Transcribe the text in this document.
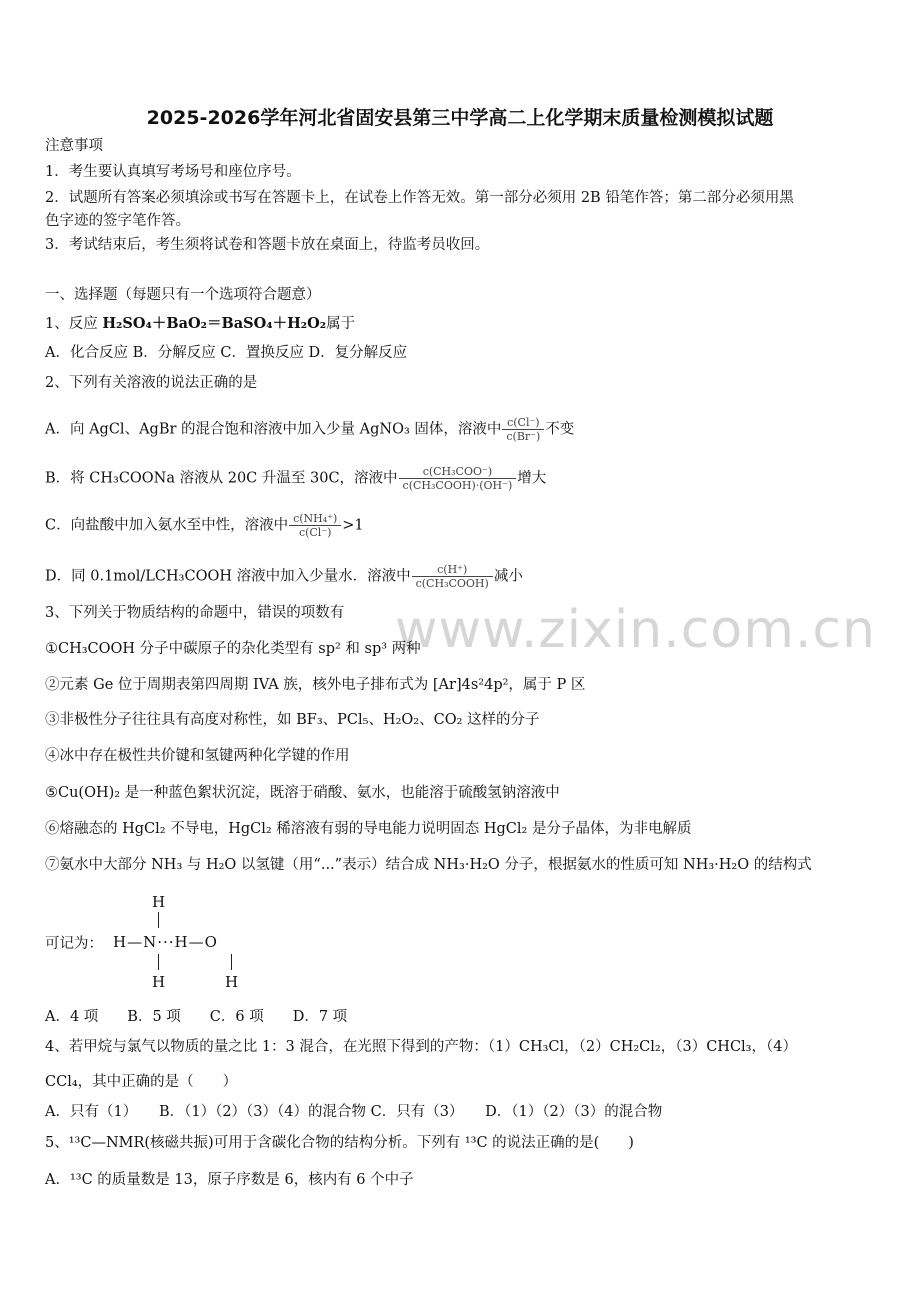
2025-2026学年河北省固安县第三中学高二上化学期末质量检测模拟试题
注意事项
1．考生要认真填写考场号和座位序号。
2．试题所有答案必须填涂或书写在答题卡上，在试卷上作答无效。第一部分必须用 2B 铅笔作答；第二部分必须用黑
色字迹的签字笔作答。
3．考试结束后，考生须将试卷和答题卡放在桌面上，待监考员收回。
一、选择题（每题只有一个选项符合题意）
1、反应 H₂SO₄＋BaO₂＝BaSO₄＋H₂O₂属于
A．化合反应 B．分解反应 C．置换反应 D．复分解反应
2、下列有关溶液的说法正确的是
A．向 AgCl、AgBr 的混合饱和溶液中加入少量 AgNO₃ 固体，溶液中 $\frac{c(Cl^-)}{c(Br^-)}$ 不变
B．将 CH₃COONa 溶液从 20C 升温至 30C，溶液中 $\frac{\text{c(CH₃COO⁻)}}{\text{c(CH₃COOH)·(OH⁻)}}$ 增大
C．向盐酸中加入氨水至中性，溶液中 $\frac{\text{c(NH₄⁺)}}{c(Cl^-)} >1$
D．同 0.1mol/LCH₃COOH 溶液中加入少量水．溶液中 $\frac{c(H^+)}{\text{c(CH₃COOH)}}$ 减小
www.zixin.com.cn
3、下列关于物质结构的命题中，错误的项数有
①CH₃COOH 分子中碳原子的杂化类型有 sp² 和 sp³ 两种
②元素 Ge 位于周期表第四周期 IVA 族，核外电子排布式为 [Ar]4s²4p²，属于 P 区
③非极性分子往往具有高度对称性，如 BF₃、PCl₅、H₂O₂、CO₂ 这样的分子
④冰中存在极性共价键和氢键两种化学键的作用
⑤Cu(OH)₂ 是一种蓝色絮状沉淀，既溶于硝酸、氨水，也能溶于硫酸氢钠溶液中
⑥熔融态的 HgCl₂ 不导电，HgCl₂ 稀溶液有弱的导电能力说明固态 HgCl₂ 是分子晶体，为非电解质
⑦氨水中大部分 NH₃ 与 H₂O 以氢键（用“...”表示）结合成 NH₃·H₂O 分子，根据氨水的性质可知 NH₃·H₂O 的结构式
可记为：
H
H—N···H—O
H	H
A．4 项　　B．5 项　　C．6 项　　D．7 项
4、若甲烷与氯气以物质的量之比 1：3 混合，在光照下得到的产物：（1）CH₃Cl，（2）CH₂Cl₂，（3）CHCl₃，（4）
CCl₄，其中正确的是（　　）
A．只有（1）　　B．（1）（2）（3）（4）的混合物 C．只有（3）　　D．（1）（2）（3）的混合物
5、¹³C—NMR(核磁共振)可用于含碳化合物的结构分析。下列有 ¹³C 的说法正确的是(　　)
A．¹³C 的质量数是 13，原子序数是 6，核内有 6 个中子
